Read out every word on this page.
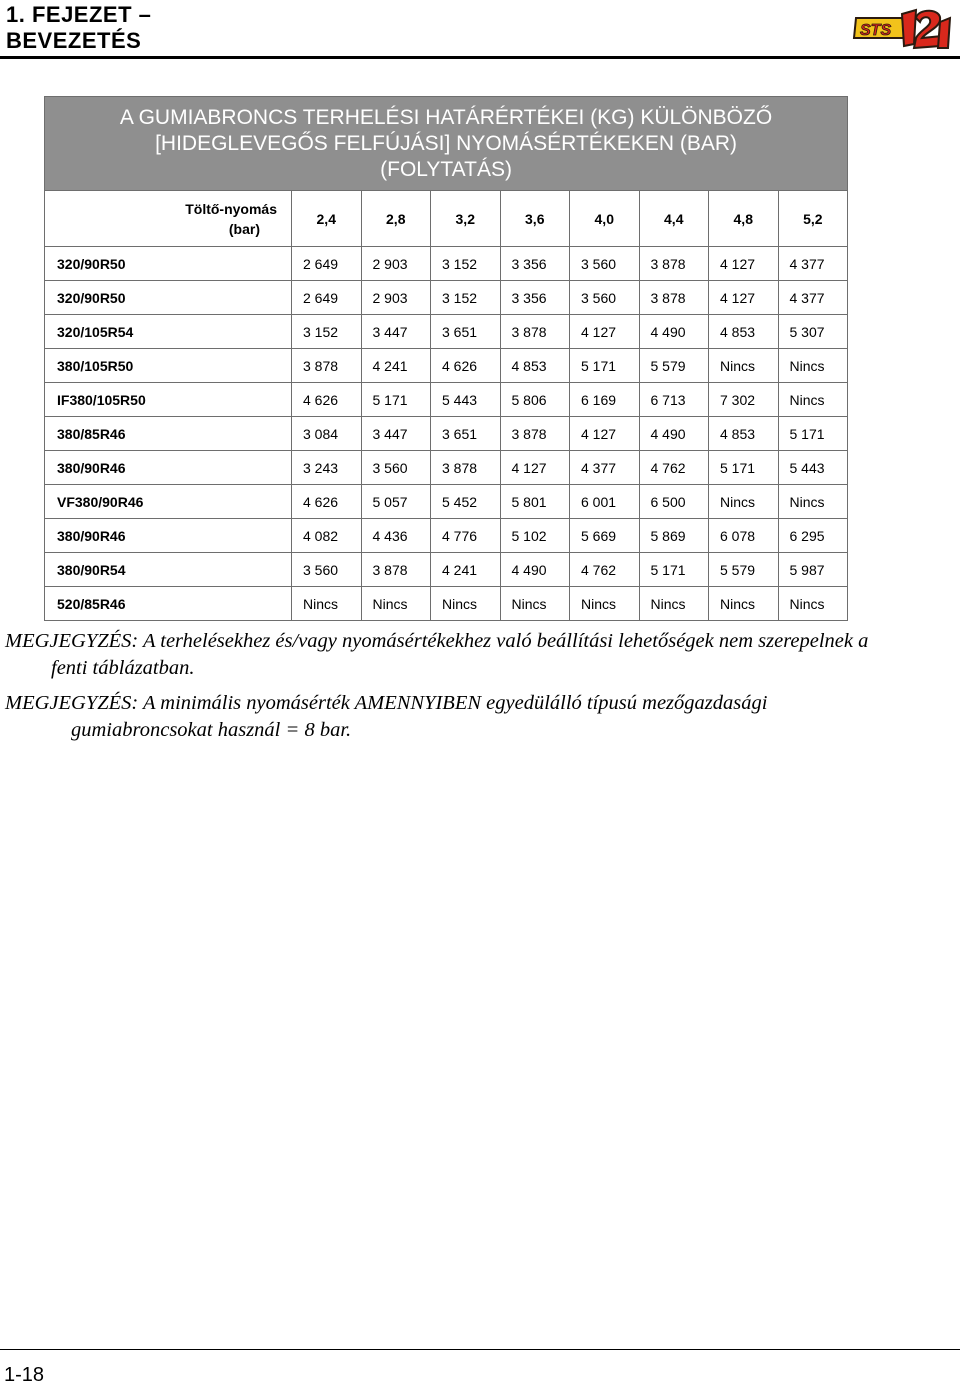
1. FEJEZET –
BEVEZETÉS	STS
A GUMIABRONCS TERHELÉSI HATÁRÉRTÉKEI (KG) KÜLÖNBÖZŐ
[HIDEGLEVEGŐS FELFÚJÁSI] NYOMÁSÉRTÉKEKEN (BAR)
(FOLYTATÁS)								

Töltő-nyomás
(bar)	2,4	2,8	3,2	3,6	4,0	4,4	4,8	5,2
320/90R50	2 649	2 903	3 152	3 356	3 560	3 878	4 127	4 377
320/90R50	2 649	2 903	3 152	3 356	3 560	3 878	4 127	4 377
320/105R54	3 152	3 447	3 651	3 878	4 127	4 490	4 853	5 307
380/105R50	3 878	4 241	4 626	4 853	5 171	5 579	Nincs	Nincs
IF380/105R50	4 626	5 171	5 443	5 806	6 169	6 713	7 302	Nincs
380/85R46	3 084	3 447	3 651	3 878	4 127	4 490	4 853	5 171
380/90R46	3 243	3 560	3 878	4 127	4 377	4 762	5 171	5 443
VF380/90R46	4 626	5 057	5 452	5 801	6 001	6 500	Nincs	Nincs
380/90R46	4 082	4 436	4 776	5 102	5 669	5 869	6 078	6 295
380/90R54	3 560	3 878	4 241	4 490	4 762	5 171	5 579	5 987
520/85R46	Nincs	Nincs	Nincs	Nincs	Nincs	Nincs	Nincs	Nincs
MEGJEGYZÉS: A terhelésekhez és/vagy nyomásértékekhez való beállítási lehetőségek nem szerepelnek a
fenti táblázatban.
MEGJEGYZÉS: A minimális nyomásérték AMENNYIBEN egyedülálló típusú mezőgazdasági
gumiabroncsokat használ = 8 bar.
1-18
